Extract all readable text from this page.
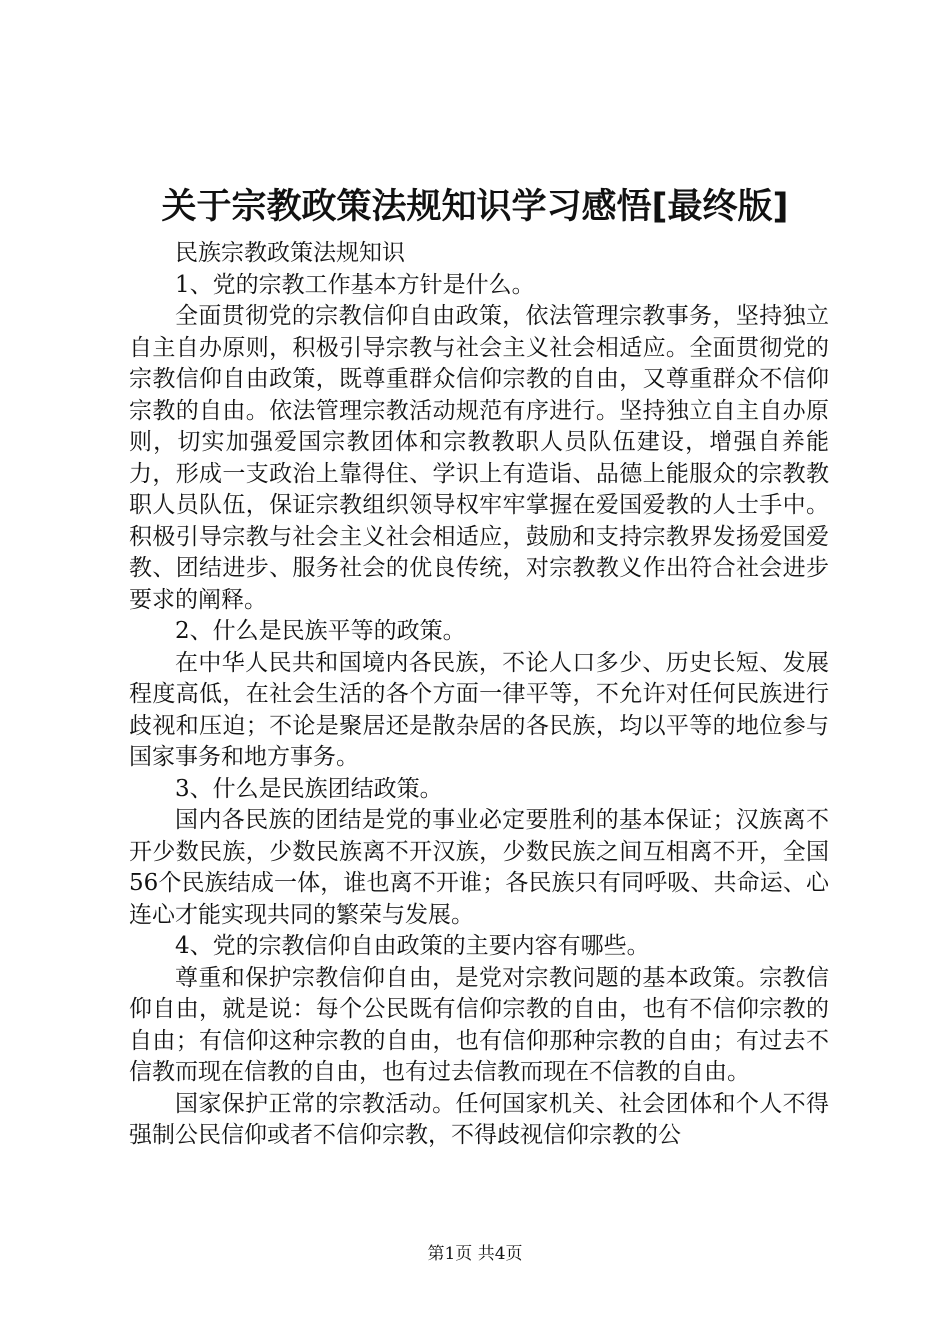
关于宗教政策法规知识学习感悟[最终版]

民族宗教政策法规知识

1、党的宗教工作基本方针是什么。

全面贯彻党的宗教信仰自由政策，依法管理宗教事务，坚持独立自主自办原则，积极引导宗教与社会主义社会相适应。全面贯彻党的宗教信仰自由政策，既尊重群众信仰宗教的自由，又尊重群众不信仰宗教的自由。依法管理宗教活动规范有序进行。坚持独立自主自办原则，切实加强爱国宗教团体和宗教教职人员队伍建设，增强自养能力，形成一支政治上靠得住、学识上有造诣、品德上能服众的宗教教职人员队伍，保证宗教组织领导权牢牢掌握在爱国爱教的人士手中。积极引导宗教与社会主义社会相适应，鼓励和支持宗教界发扬爱国爱教、团结进步、服务社会的优良传统，对宗教教义作出符合社会进步要求的阐释。

2、什么是民族平等的政策。

在中华人民共和国境内各民族，不论人口多少、历史长短、发展程度高低，在社会生活的各个方面一律平等，不允许对任何民族进行歧视和压迫；不论是聚居还是散杂居的各民族，均以平等的地位参与国家事务和地方事务。

3、什么是民族团结政策。

国内各民族的团结是党的事业必定要胜利的基本保证；汉族离不开少数民族，少数民族离不开汉族，少数民族之间互相离不开，全国56个民族结成一体，谁也离不开谁；各民族只有同呼吸、共命运、心连心才能实现共同的繁荣与发展。

4、党的宗教信仰自由政策的主要内容有哪些。

尊重和保护宗教信仰自由，是党对宗教问题的基本政策。宗教信仰自由，就是说：每个公民既有信仰宗教的自由，也有不信仰宗教的自由；有信仰这种宗教的自由，也有信仰那种宗教的自由；有过去不信教而现在信教的自由，也有过去信教而现在不信教的自由。

国家保护正常的宗教活动。任何国家机关、社会团体和个人不得强制公民信仰或者不信仰宗教，不得歧视信仰宗教的公

第1页 共4页
